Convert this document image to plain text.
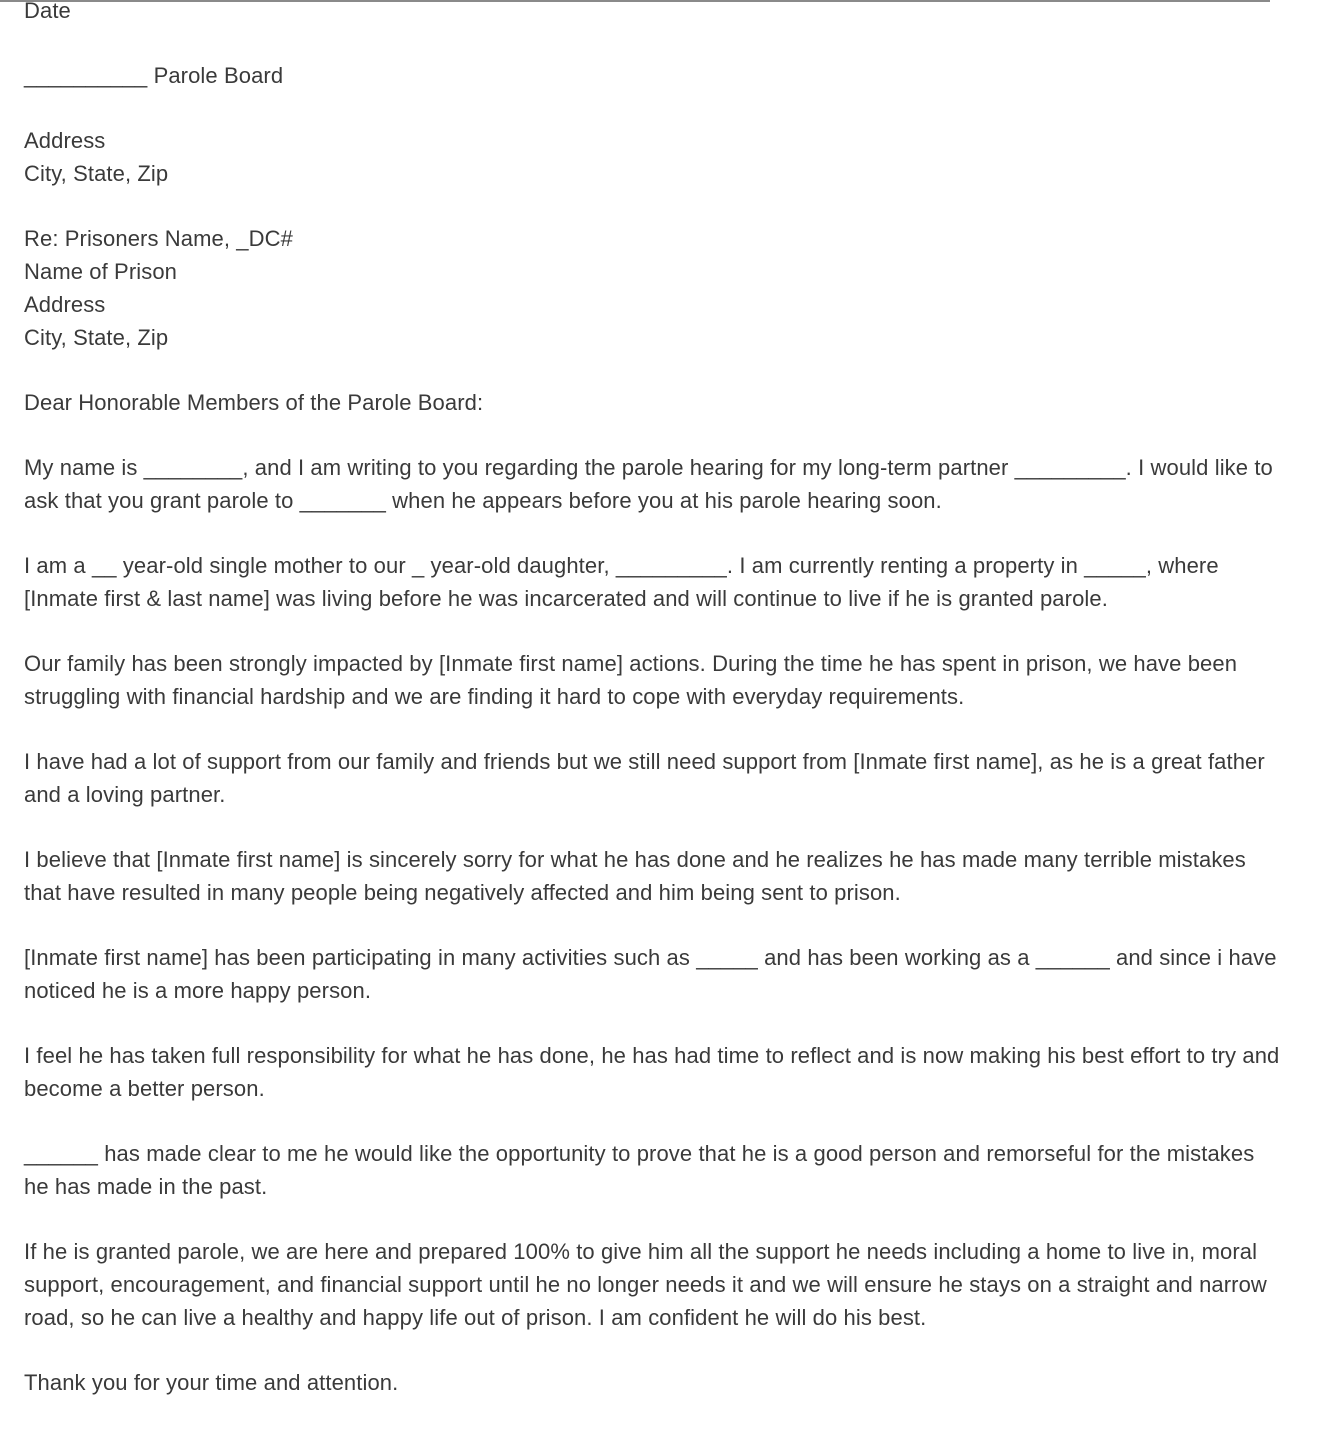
Date

__________ Parole Board

Address
City, State, Zip

Re: Prisoners Name, _DC#
Name of Prison
Address
City, State, Zip

Dear Honorable Members of the Parole Board:

My name is ________, and I am writing to you regarding the parole hearing for my long-term partner _________. I would like to ask that you grant parole to _______ when he appears before you at his parole hearing soon.

I am a __ year-old single mother to our _ year-old daughter, _________. I am currently renting a property in _____, where [Inmate first & last name] was living before he was incarcerated and will continue to live if he is granted parole.

Our family has been strongly impacted by [Inmate first name] actions. During the time he has spent in prison, we have been struggling with financial hardship and we are finding it hard to cope with everyday requirements.

I have had a lot of support from our family and friends but we still need support from [Inmate first name], as he is a great father and a loving partner.

I believe that [Inmate first name] is sincerely sorry for what he has done and he realizes he has made many terrible mistakes that have resulted in many people being negatively affected and him being sent to prison.

[Inmate first name] has been participating in many activities such as _____ and has been working as a ______ and since i have noticed he is a more happy person.

I feel he has taken full responsibility for what he has done, he has had time to reflect and is now making his best effort to try and become a better person.

______ has made clear to me he would like the opportunity to prove that he is a good person and remorseful for the mistakes he has made in the past.

If he is granted parole, we are here and prepared 100% to give him all the support he needs including a home to live in, moral support, encouragement, and financial support until he no longer needs it and we will ensure he stays on a straight and narrow road, so he can live a healthy and happy life out of prison. I am confident he will do his best.

Thank you for your time and attention.
